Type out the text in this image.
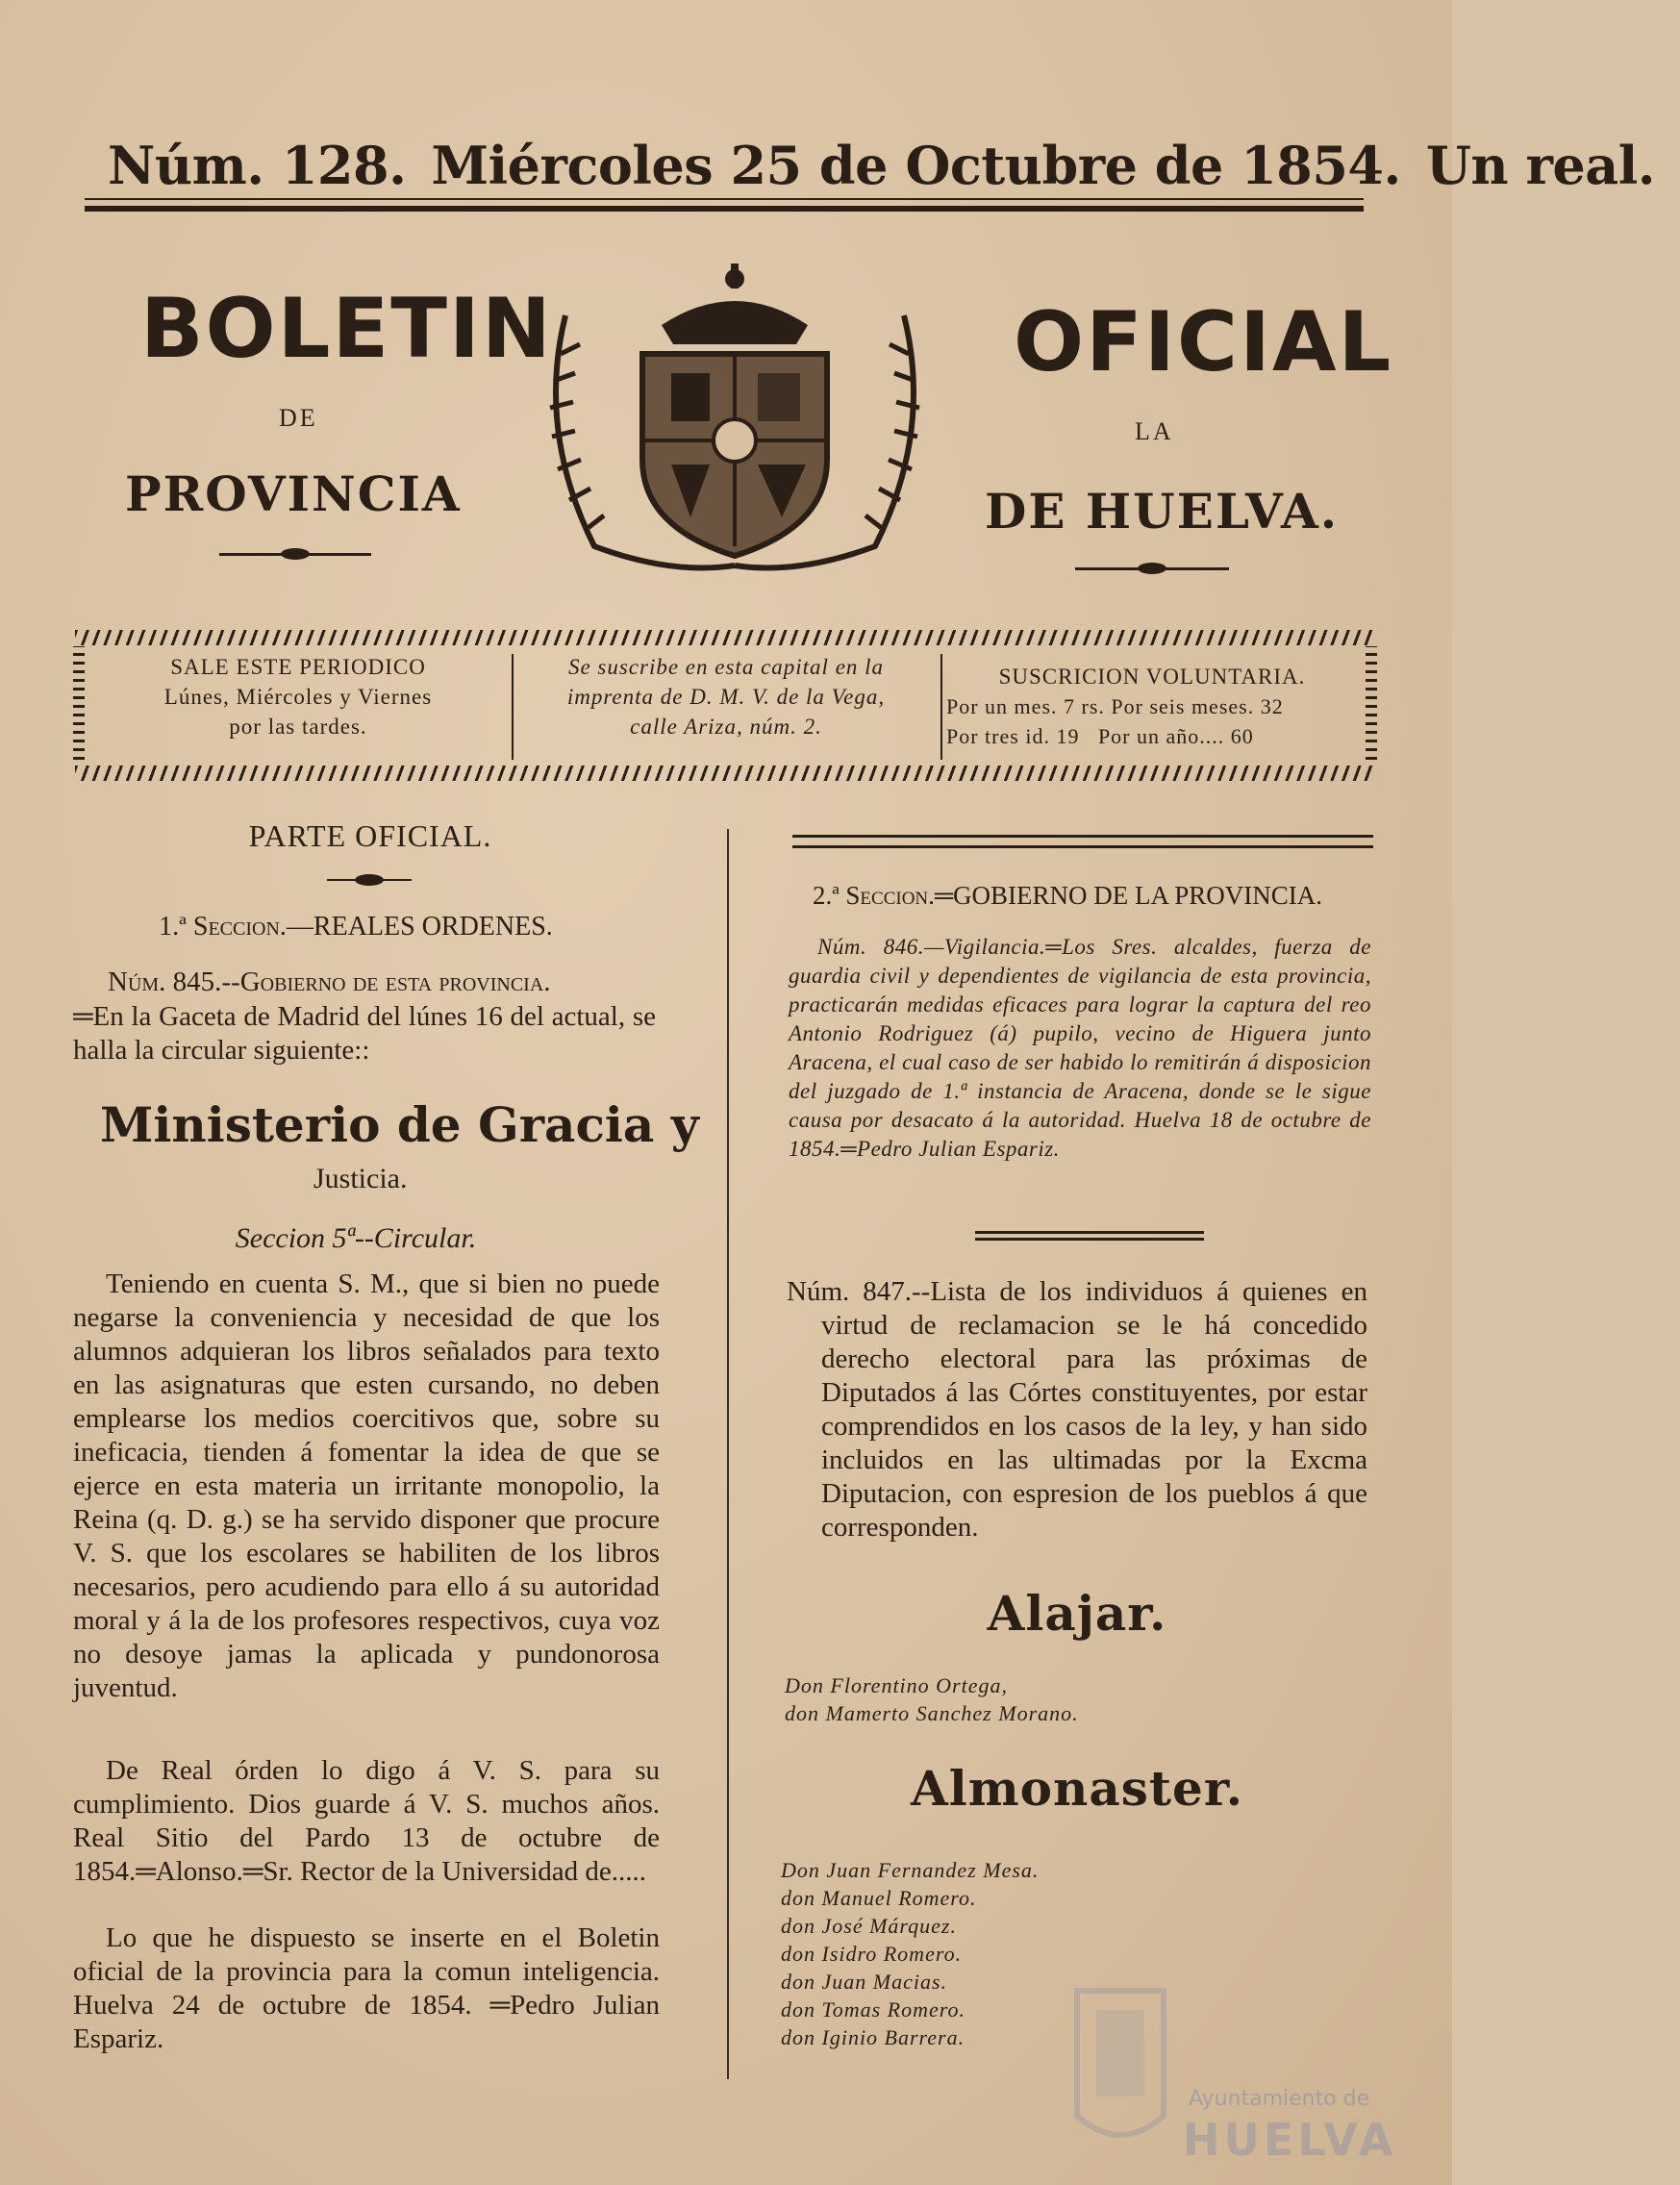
Núm. 128. Miércoles 25 de Octubre de 1854. Un real.
BOLETIN
DE
PROVINCIA
OFICIAL
LA
DE HUELVA.
SALE ESTE PERIODICO
Lúnes, Miércoles y Viernes
por las tardes.
Se suscribe en esta capital en la
imprenta de D. M. V. de la Vega,
calle Ariza, núm. 2.
SUSCRICION VOLUNTARIA.
Por un mes. 7 rs. Por seis meses. 32
Por tres id. 19   Por un año.... 60
PARTE OFICIAL.
1.ª Seccion.—REALES ORDENES.
Núm. 845.--Gobierno de esta provincia.
═En la Gaceta de Madrid del lúnes 16 del actual, se halla la circular siguiente::
Ministerio de Gracia y
Justicia.
Seccion 5ª--Circular.
Teniendo en cuenta S. M., que si bien no puede negarse la conveniencia y necesidad de que los alumnos adquieran los libros señalados para texto en las asignaturas que esten cursando, no deben emplearse los medios coercitivos que, sobre su ineficacia, tienden á fomentar la idea de que se ejerce en esta materia un irritante monopolio, la Reina (q. D. g.) se ha servido disponer que procure V. S. que los escolares se habiliten de los libros necesarios, pero acudiendo para ello á su autoridad moral y á la de los profesores respectivos, cuya voz no desoye jamas la aplicada y pundonorosa juventud.
De Real órden lo digo á V. S. para su cumplimiento. Dios guarde á V. S. muchos años. Real Sitio del Pardo 13 de octubre de 1854.═Alonso.═Sr. Rector de la Universidad de.....
Lo que he dispuesto se inserte en el Boletin oficial de la provincia para la comun inteligencia. Huelva 24 de octubre de 1854. ═Pedro Julian Espariz.
2.ª Seccion.═GOBIERNO DE LA PROVINCIA.
Núm. 846.—Vigilancia.═Los Sres. alcaldes, fuerza de guardia civil y dependientes de vigilancia de esta provincia, practicarán medidas eficaces para lograr la captura del reo Antonio Rodriguez (á) pupilo, vecino de Higuera junto Aracena, el cual caso de ser habido lo remitirán á disposicion del juzgado de 1.ª instancia de Aracena, donde se le sigue causa por desacato á la autoridad. Huelva 18 de octubre de 1854.═Pedro Julian Espariz.
Núm. 847.--Lista de los individuos á quienes en virtud de reclamacion se le há concedido derecho electoral para las próximas de Diputados á las Córtes constituyentes, por estar comprendidos en los casos de la ley, y han sido incluidos en las ultimadas por la Excma Diputacion, con espresion de los pueblos á que corresponden.
Alajar.
Don Florentino Ortega,
don Mamerto Sanchez Morano.
Almonaster.
Don Juan Fernandez Mesa.
don Manuel Romero.
don José Márquez.
don Isidro Romero.
don Juan Macias.
don Tomas Romero.
don Iginio Barrera.
Ayuntamiento de
HUELVA
